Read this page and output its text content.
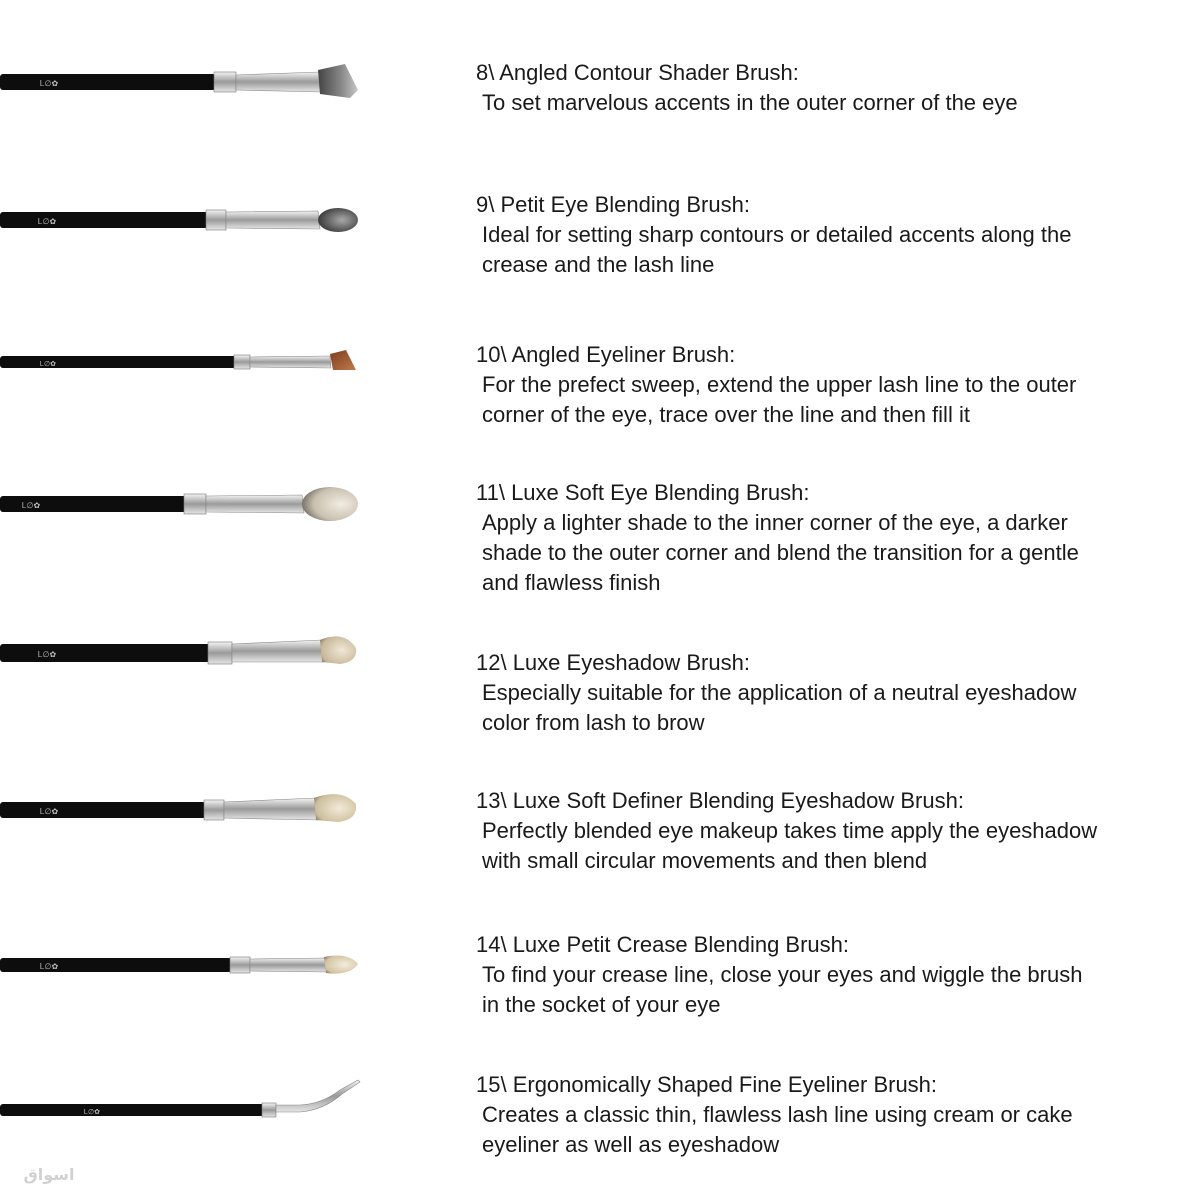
Ꮮ∅✿	8\ Angled Contour Shader Brush:
To set marvelous accents in the outer corner of the eye
Ꮮ∅✿
9\ Petit Eye Blending Brush:
Ideal for setting sharp contours or detailed accents along the
crease and the lash line
Ꮮ∅✿	10\ Angled Eyeliner Brush:
For the prefect sweep, extend the upper lash line to the outer
corner of the eye, trace over the line and then fill it
Ꮮ∅✿
11\ Luxe Soft Eye Blending Brush:
Apply a lighter shade to the inner corner of the eye, a darker
shade to the outer corner and blend the transition for a gentle
and flawless finish
Ꮮ∅✿	12\ Luxe Eyeshadow Brush:
Especially suitable for the application of a neutral eyeshadow
color from lash to brow
Ꮮ∅✿	13\ Luxe Soft Definer Blending Eyeshadow Brush:
Perfectly blended eye makeup takes time apply the eyeshadow
with small circular movements and then blend
Ꮮ∅✿
14\ Luxe Petit Crease Blending Brush:
To find your crease line, close your eyes and wiggle the brush
in the socket of your eye
Ꮮ∅✿
15\ Ergonomically Shaped Fine Eyeliner Brush:
Creates a classic thin, flawless lash line using cream or cake
eyeliner as well as eyeshadow
اسواق
